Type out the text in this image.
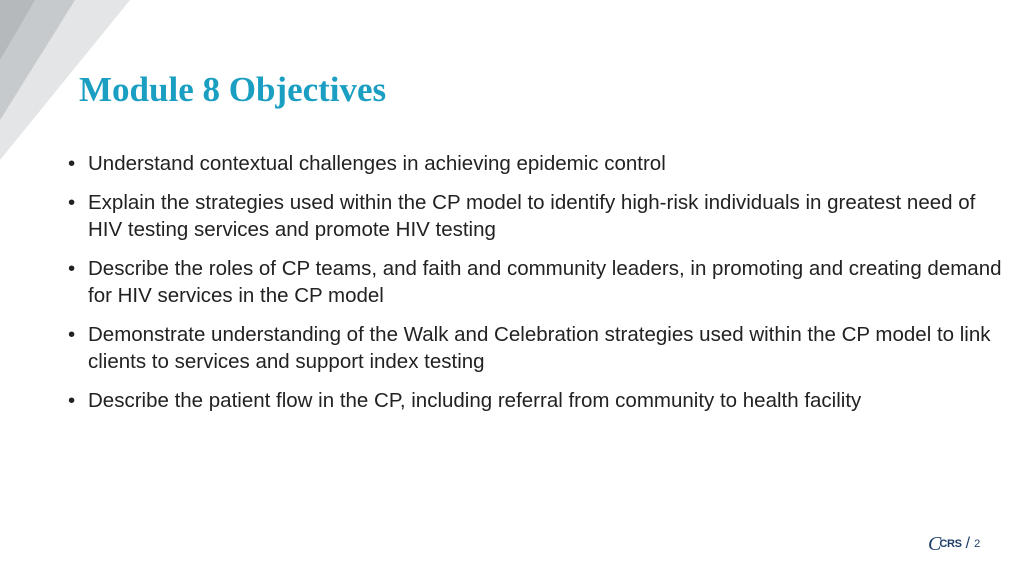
Module 8 Objectives
• Understand contextual challenges in achieving epidemic control
• Explain the strategies used within the CP model to identify high-risk individuals in greatest need of HIV testing services and promote HIV testing
• Describe the roles of CP teams, and faith and community leaders, in promoting and creating demand for HIV services in the CP model
• Demonstrate understanding of the Walk and Celebration strategies used within the CP model to link clients to services and support index testing
• Describe the patient flow in the CP, including referral from community to health facility
C
CRS / 2
